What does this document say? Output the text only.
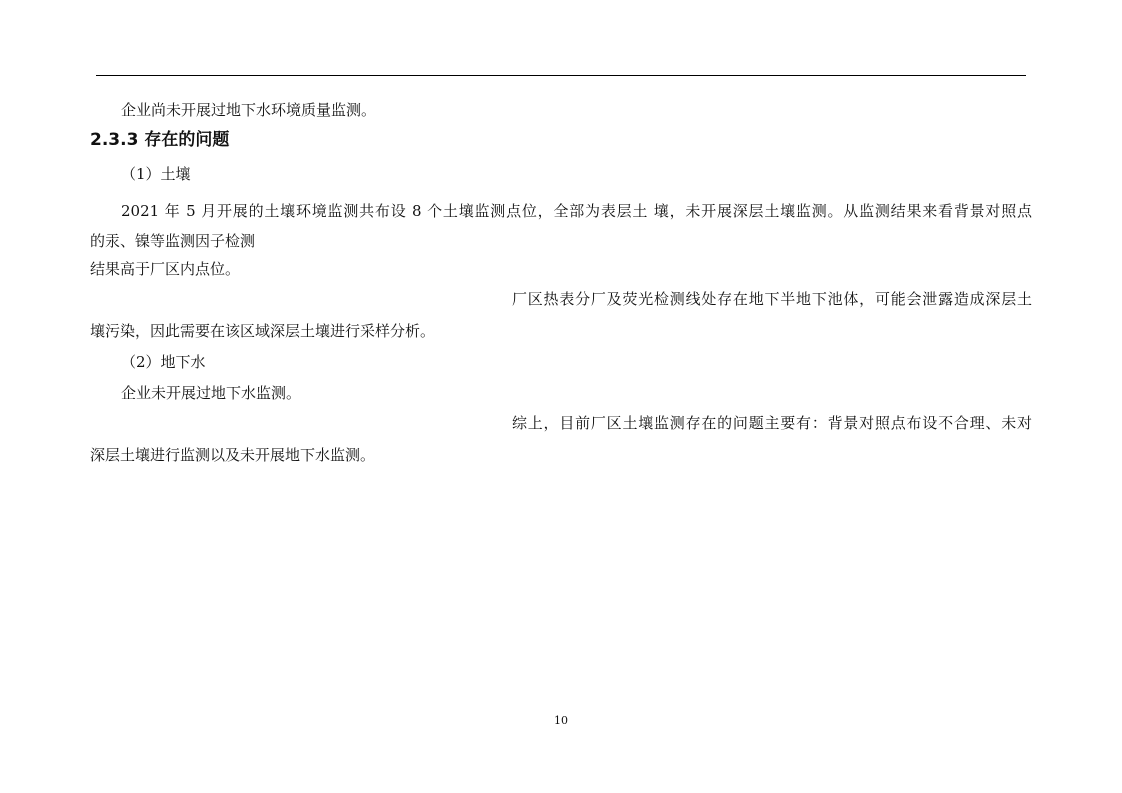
企业尚未开展过地下水环境质量监测。
2.3.3 存在的问题
（1）土壤
2021 年 5 月开展的土壤环境监测共布设 8 个土壤监测点位，全部为表层土 壤，未开展深层土壤监测。从监测结果来看背景对照点
的汞、镍等监测因子检测
结果高于厂区内点位。
厂区热表分厂及荧光检测线处存在地下半地下池体，可能会泄露造成深层土
壤污染，因此需要在该区域深层土壤进行采样分析。
（2）地下水
企业未开展过地下水监测。
综上，目前厂区土壤监测存在的问题主要有：背景对照点布设不合理、未对
深层土壤进行监测以及未开展地下水监测。
10
